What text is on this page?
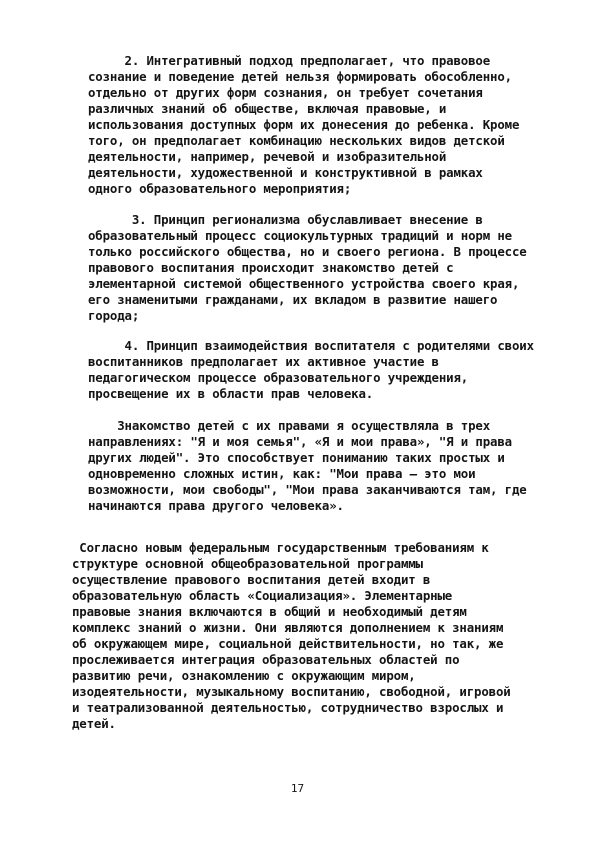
2. Интегративный подход предполагает, что правовое
сознание и поведение детей нельзя формировать обособленно,
отдельно от других форм сознания, он требует сочетания
различных знаний об обществе, включая правовые, и
использования доступных форм их донесения до ребенка. Кроме
того, он предполагает комбинацию нескольких видов детской
деятельности, например, речевой и изобразительной
деятельности, художественной и конструктивной в рамках
одного образовательного мероприятия;
3. Принцип регионализма обуславливает внесение в
образовательный процесс социокультурных традиций и норм не
только российского общества, но и своего региона. В процессе
правового воспитания происходит знакомство детей с
элементарной системой общественного устройства своего края,
его знаменитыми гражданами, их вкладом в развитие нашего
города;
4. Принцип взаимодействия воспитателя с родителями своих
воспитанников предполагает их активное участие в
педагогическом процессе образовательного учреждения,
просвещение их в области прав человека.
Знакомство детей с их правами я осуществляла в трех
направлениях: "Я и моя семья", «Я и мои права», "Я и права
других людей". Это способствует пониманию таких простых и
одновременно сложных истин, как: "Мои права – это мои
возможности, мои свободы", "Мои права заканчиваются там, где
начинаются права другого человека».
Согласно новым федеральным государственным требованиям к
структуре основной общеобразовательной программы
осуществление правового воспитания детей входит в
образовательную область «Социализация». Элементарные
правовые знания включаются в общий и необходимый детям
комплекс знаний о жизни. Они являются дополнением к знаниям
об окружающем мире, социальной действительности, но так, же
прослеживается интеграция образовательных областей по
развитию речи, ознакомлению с окружающим миром,
изодеятельности, музыкальному воспитанию, свободной, игровой
и театрализованной деятельностью, сотрудничество взрослых и
детей.
17
